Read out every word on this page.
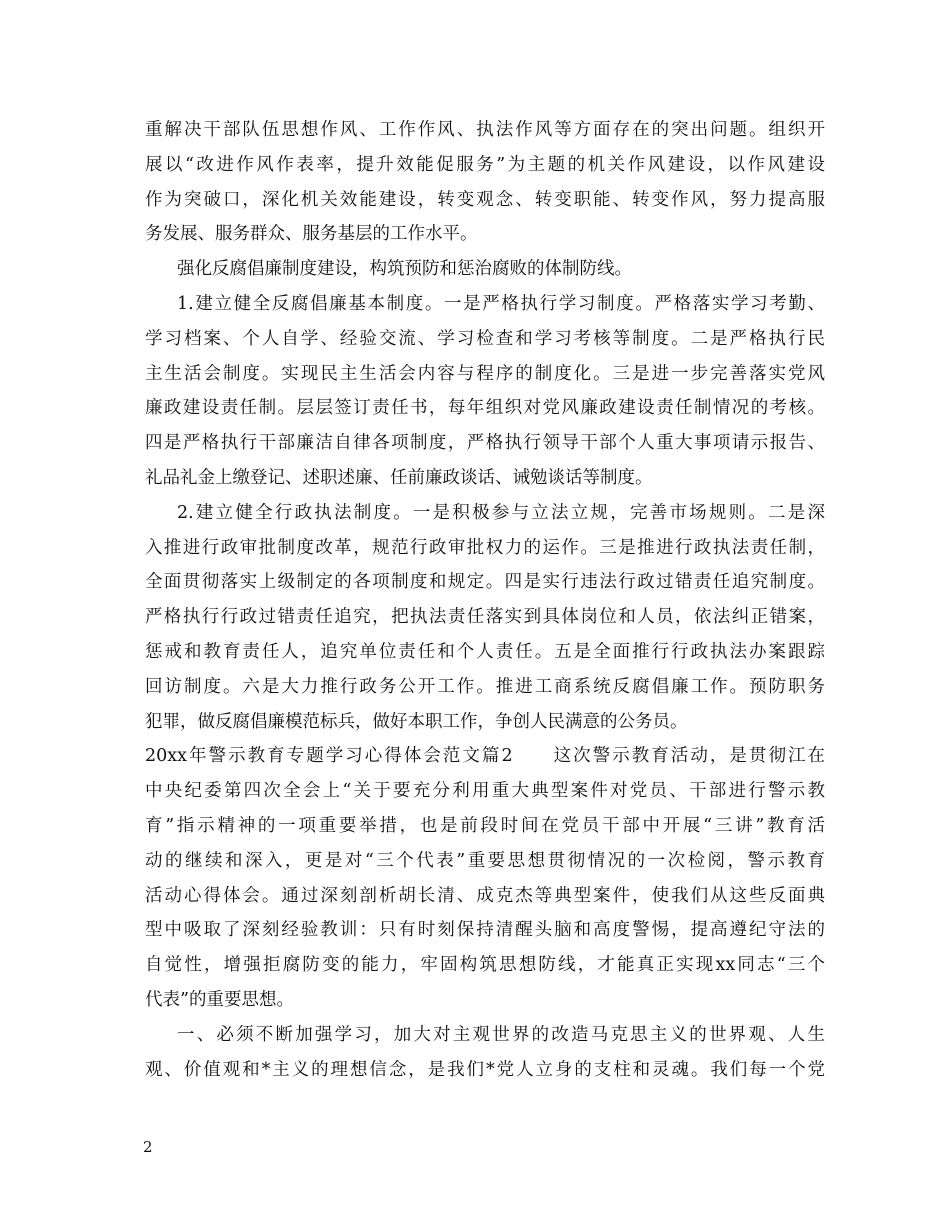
重解决干部队伍思想作风、工作作风、执法作风等方面存在的突出问题。组织开
展以“改进作风作表率，提升效能促服务”为主题的机关作风建设，以作风建设
作为突破口，深化机关效能建设，转变观念、转变职能、转变作风，努力提高服
务发展、服务群众、服务基层的工作水平。
强化反腐倡廉制度建设，构筑预防和惩治腐败的体制防线。
1.建立健全反腐倡廉基本制度。一是严格执行学习制度。严格落实学习考勤、
学习档案、个人自学、经验交流、学习检查和学习考核等制度。二是严格执行民
主生活会制度。实现民主生活会内容与程序的制度化。三是进一步完善落实党风
廉政建设责任制。层层签订责任书，每年组织对党风廉政建设责任制情况的考核。
四是严格执行干部廉洁自律各项制度，严格执行领导干部个人重大事项请示报告、
礼品礼金上缴登记、述职述廉、任前廉政谈话、诫勉谈话等制度。
2.建立健全行政执法制度。一是积极参与立法立规，完善市场规则。二是深
入推进行政审批制度改革，规范行政审批权力的运作。三是推进行政执法责任制，
全面贯彻落实上级制定的各项制度和规定。四是实行违法行政过错责任追究制度。
严格执行行政过错责任追究，把执法责任落实到具体岗位和人员，依法纠正错案，
惩戒和教育责任人，追究单位责任和个人责任。五是全面推行行政执法办案跟踪
回访制度。六是大力推行政务公开工作。推进工商系统反腐倡廉工作。预防职务
犯罪，做反腐倡廉模范标兵，做好本职工作，争创人民满意的公务员。
20xx年警示教育专题学习心得体会范文篇2　　这次警示教育活动，是贯彻江在
中央纪委第四次全会上“关于要充分利用重大典型案件对党员、干部进行警示教
育”指示精神的一项重要举措，也是前段时间在党员干部中开展“三讲”教育活
动的继续和深入，更是对“三个代表”重要思想贯彻情况的一次检阅，警示教育
活动心得体会。通过深刻剖析胡长清、成克杰等典型案件，使我们从这些反面典
型中吸取了深刻经验教训：只有时刻保持清醒头脑和高度警惕，提高遵纪守法的
自觉性，增强拒腐防变的能力，牢固构筑思想防线，才能真正实现xx同志“三个
代表”的重要思想。
一、必须不断加强学习，加大对主观世界的改造马克思主义的世界观、人生
观、价值观和*主义的理想信念，是我们*党人立身的支柱和灵魂。我们每一个党
2
